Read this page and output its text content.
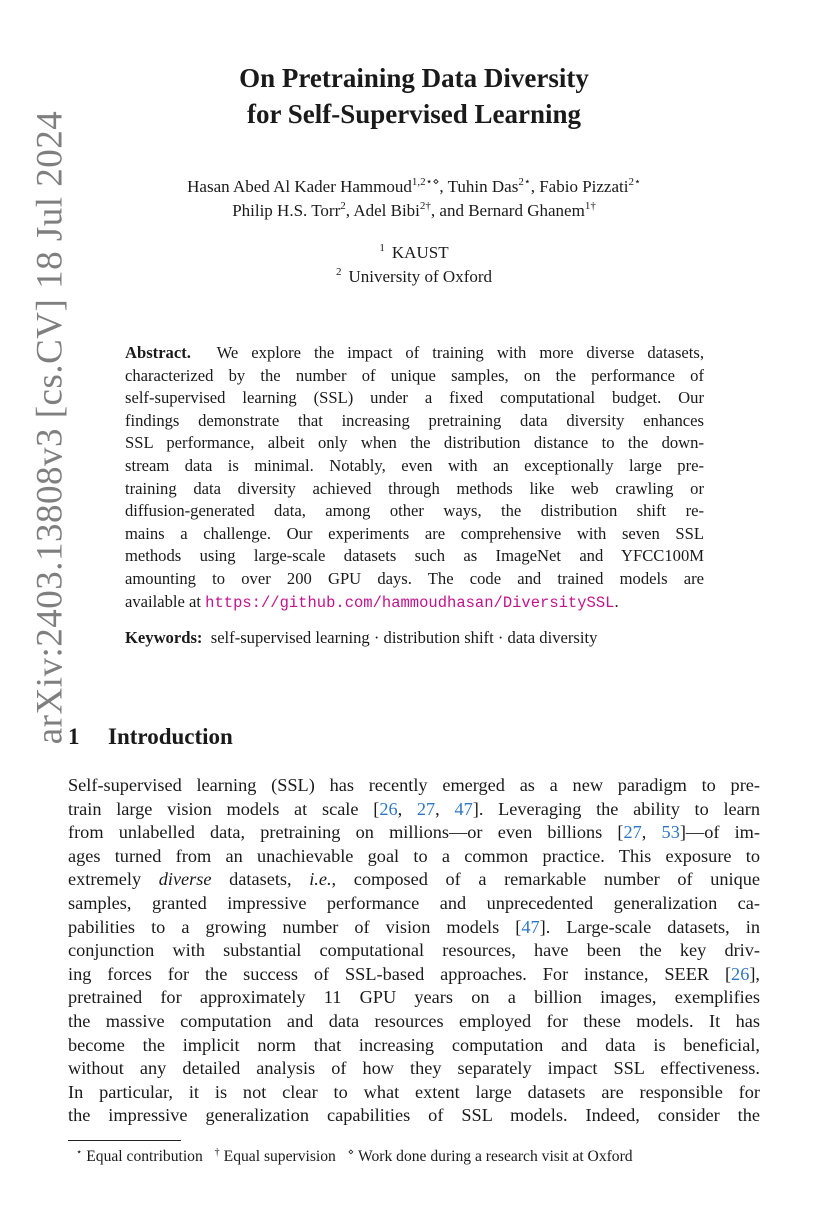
arXiv:2403.13808v3 [cs.CV] 18 Jul 2024
On Pretraining Data Diversity
for Self-Supervised Learning
Hasan Abed Al Kader Hammoud$^{1,2⋆⋄}$, Tuhin Das$^{2⋆}$, Fabio Pizzati$^{2⋆}$
Philip H.S. Torr$^2$, Adel Bibi$^{2\dagger}$, and Bernard Ghanem$^{1\dagger}$
$^1$ KAUST
$^2$ University of Oxford
Abstract. We explore the impact of training with more diverse datasets,
characterized by the number of unique samples, on the performance of
self-supervised learning (SSL) under a fixed computational budget. Our
findings demonstrate that increasing pretraining data diversity enhances
SSL performance, albeit only when the distribution distance to the down-
stream data is minimal. Notably, even with an exceptionally large pre-
training data diversity achieved through methods like web crawling or
diffusion-generated data, among other ways, the distribution shift re-
mains a challenge. Our experiments are comprehensive with seven SSL
methods using large-scale datasets such as ImageNet and YFCC100M
amounting to over 200 GPU days. The code and trained models are
available at https://github.com/hammoudhasan/DiversitySSL.
Keywords: self-supervised learning · distribution shift · data diversity
1 Introduction
Self-supervised learning (SSL) has recently emerged as a new paradigm to pre-
train large vision models at scale [26, 27, 47]. Leveraging the ability to learn
from unlabelled data, pretraining on millions—or even billions [27, 53]—of im-
ages turned from an unachievable goal to a common practice. This exposure to
extremely diverse datasets, i.e., composed of a remarkable number of unique
samples, granted impressive performance and unprecedented generalization ca-
pabilities to a growing number of vision models [47]. Large-scale datasets, in
conjunction with substantial computational resources, have been the key driv-
ing forces for the success of SSL-based approaches. For instance, SEER [26],
pretrained for approximately 11 GPU years on a billion images, exemplifies
the massive computation and data resources employed for these models. It has
become the implicit norm that increasing computation and data is beneficial,
without any detailed analysis of how they separately impact SSL effectiveness.
In particular, it is not clear to what extent large datasets are responsible for
the impressive generalization capabilities of SSL models. Indeed, consider the
⋆ Equal contribution † Equal supervision ⋄ Work done during a research visit at Oxford
